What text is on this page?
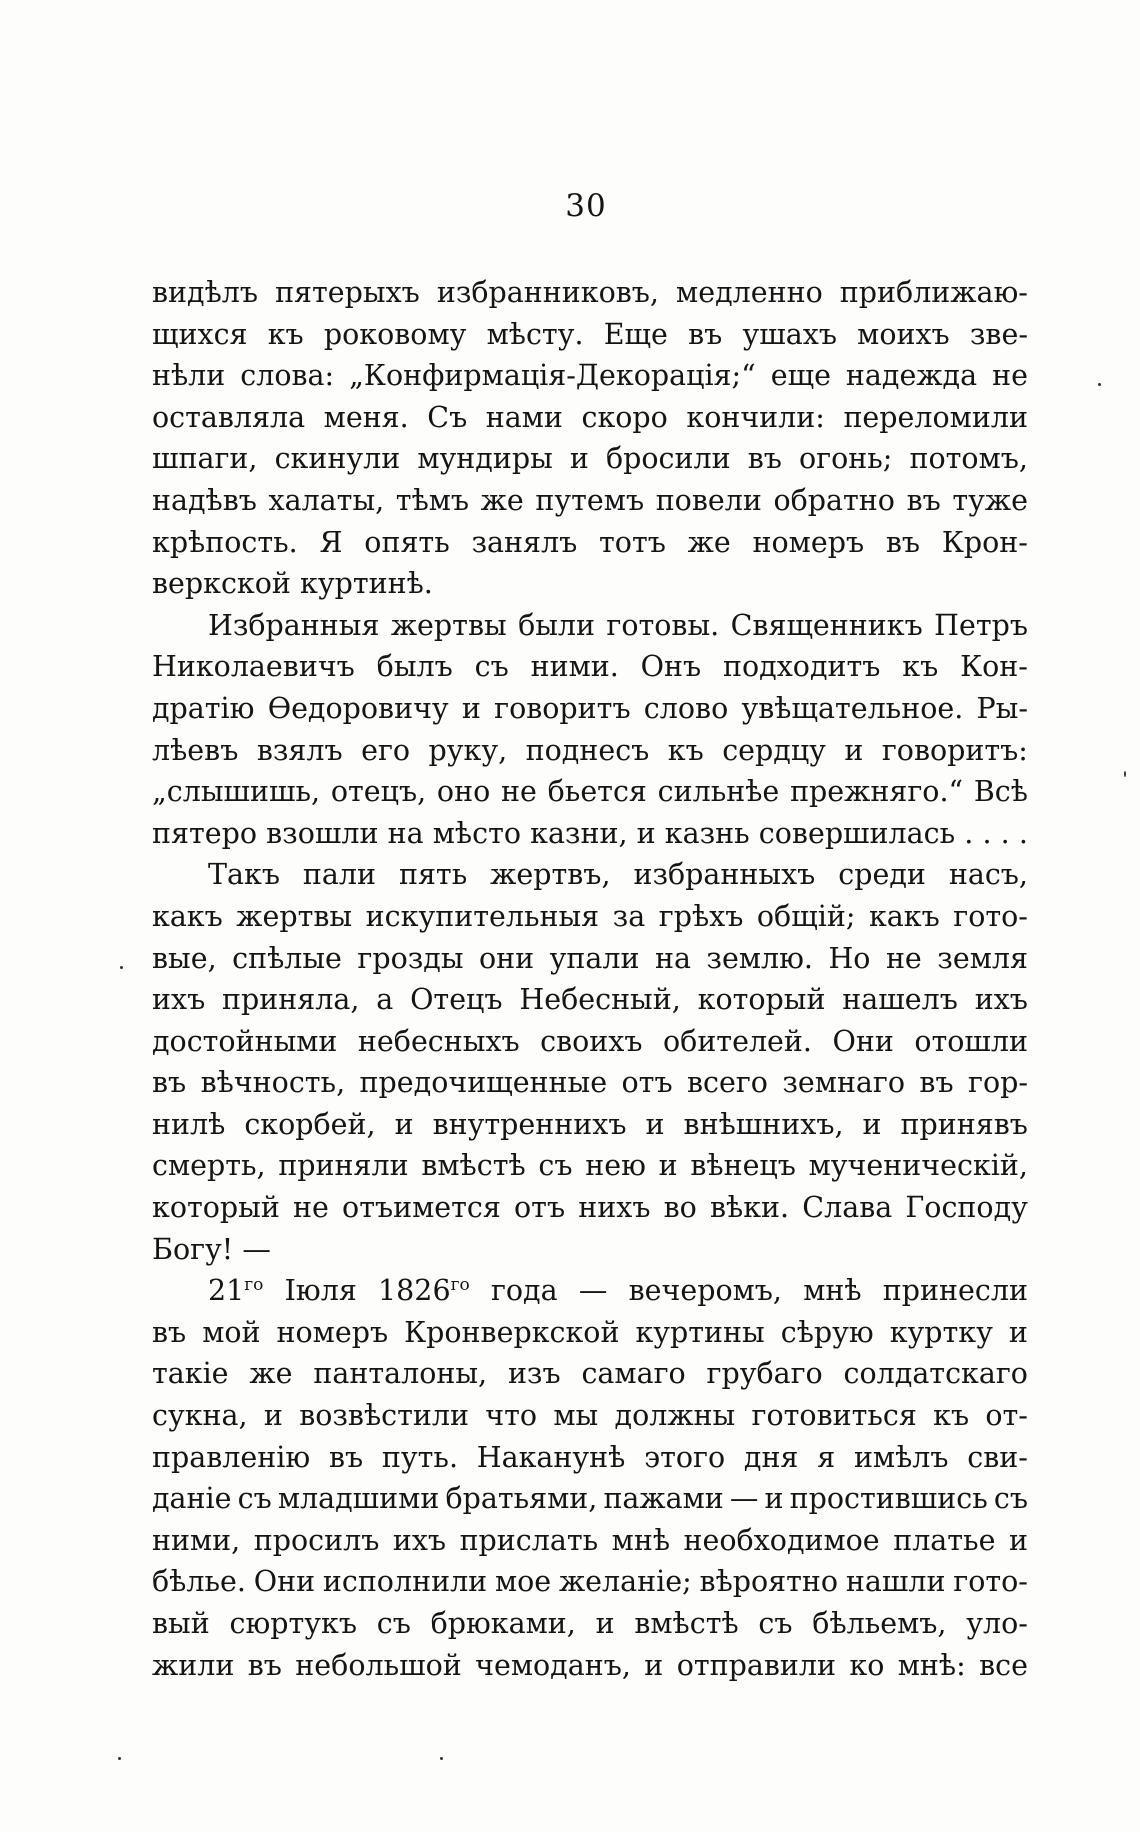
30
видѣлъ пятерыхъ избранниковъ, медленно приближаю-
щихся къ роковому мѣсту. Еще въ ушахъ моихъ зве-
нѣли слова: „Конфирмація-Декорація;“ еще надежда не
оставляла меня. Съ нами скоро кончили: переломили
шпаги, скинули мундиры и бросили въ огонь; потомъ,
надѣвъ халаты, тѣмъ же путемъ повели обратно въ туже
крѣпость. Я опять занялъ тотъ же номеръ въ Крон-
веркской куртинѣ.
Избранныя жертвы были готовы. Священникъ Петръ
Николаевичъ былъ съ ними. Онъ подходитъ къ Кон-
дратію Ѳедоровичу и говоритъ слово увѣщательное. Ры-
лѣевъ взялъ его руку, поднесъ къ сердцу и говоритъ:
„слышишь, отецъ, оно не бьется сильнѣе прежняго.“ Всѣ
пятеро взошли на мѣсто казни, и казнь совершилась . . . .
Такъ пали пять жертвъ, избранныхъ среди насъ,
какъ жертвы искупительныя за грѣхъ общій; какъ гото-
вые, спѣлые грозды они упали на землю. Но не земля
ихъ приняла, а Отецъ Небесный, который нашелъ ихъ
достойными небесныхъ своихъ обителей. Они отошли
въ вѣчность, предочищенные отъ всего земнаго въ гор-
нилѣ скорбей, и внутреннихъ и внѣшнихъ, и принявъ
смерть, приняли вмѣстѣ съ нею и вѣнецъ мученическій,
который не отъимется отъ нихъ во вѣки. Слава Господу
Богу! —
$21^{го}$ Іюля $1826^{го}$ года — вечеромъ, мнѣ принесли
въ мой номеръ Кронверкской куртины сѣрую куртку и
такіе же панталоны, изъ самаго грубаго солдатскаго
сукна, и возвѣстили что мы должны готовиться къ от-
правленію въ путь. Наканунѣ этого дня я имѣлъ сви-
даніе съ младшими братьями, пажами — и простившись съ
ними, просилъ ихъ прислать мнѣ необходимое платье и
бѣлье. Они исполнили мое желаніе; вѣроятно нашли гото-
вый сюртукъ съ брюками, и вмѣстѣ съ бѣльемъ, уло-
жили въ небольшой чемоданъ, и отправили ко мнѣ: все
